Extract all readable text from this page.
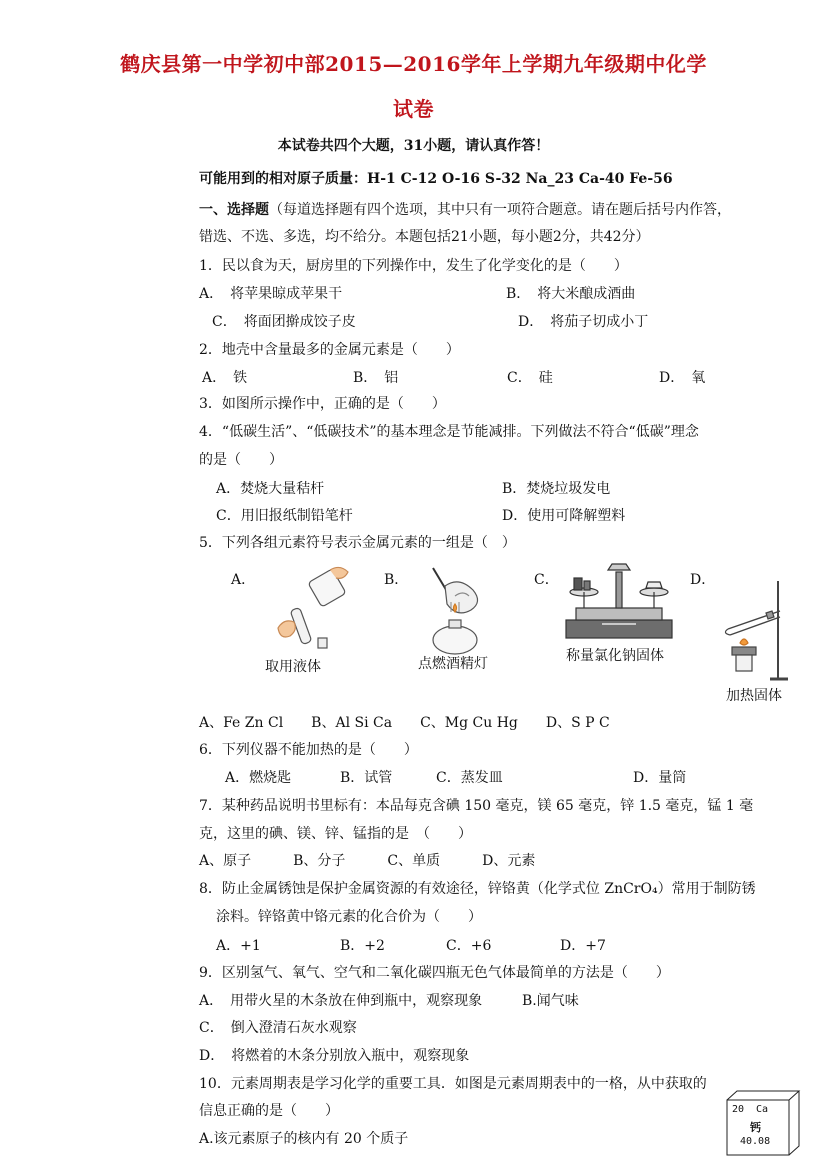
鹤庆县第一中学初中部2015—2016学年上学期九年级期中化学
试卷
本试卷共四个大题，31小题，请认真作答！
可能用到的相对原子质量：H-1 C-12 O-16 S-32 Na_23 Ca-40 Fe-56
一、选择题（每道选择题有四个选项，其中只有一项符合题意。请在题后括号内作答，
错选、不选、多选，均不给分。本题包括21小题，每小题2分，共42分）
1．民以食为天，厨房里的下列操作中，发生了化学变化的是（　　）
A．　将苹果晾成苹果干	B．　将大米酿成酒曲
C．　将面团擀成饺子皮	D．　将茄子切成小丁
2．地壳中含量最多的金属元素是（　　）
A．　铁	B．　铝	C．　硅	D．　氧
3．如图所示操作中，正确的是（　　）
4．“低碳生活”、“低碳技术”的基本理念是节能减排。下列做法不符合“低碳”理念
的是（　　）
A．焚烧大量秸杆	B．焚烧垃圾发电
C．用旧报纸制铅笔杆	D．使用可降解塑料
5．下列各组元素符号表示金属元素的一组是（　）
A．	B．	C．	D．
取用液体	点燃酒精灯	称量氯化钠固体
加热固体
A、Fe Zn Cl　　B、Al Si Ca　　C、Mg Cu Hg　　D、S P C
6．下列仪器不能加热的是（　　）
A．燃烧匙	B．试管	C．蒸发皿	D．量筒
7．某种药品说明书里标有：本品每克含碘 150 毫克，镁 65 毫克，锌 1.5 毫克，锰 1 毫
克，这里的碘、镁、锌、锰指的是　（　　）
A、原子　　　B、分子　　　C、单质　　　D、元素
8．防止金属锈蚀是保护金属资源的有效途径，锌铬黄（化学式位 ZnCrO₄）常用于制防锈
涂料。锌铬黄中铬元素的化合价为（　　）
A．+1	B．+2	C．+6	D．+7
9．区别氢气、氧气、空气和二氧化碳四瓶无色气体最简单的方法是（　　）
A．　用带火星的木条放在伸到瓶中，观察现象	B.闻气味
C．　倒入澄清石灰水观察
D．　将燃着的木条分别放入瓶中，观察现象
10．元素周期表是学习化学的重要工具．如图是元素周期表中的一格，从中获取的
信息正确的是（　　）
A.该元素原子的核内有 20 个质子
20 Ca
钙
40.08
